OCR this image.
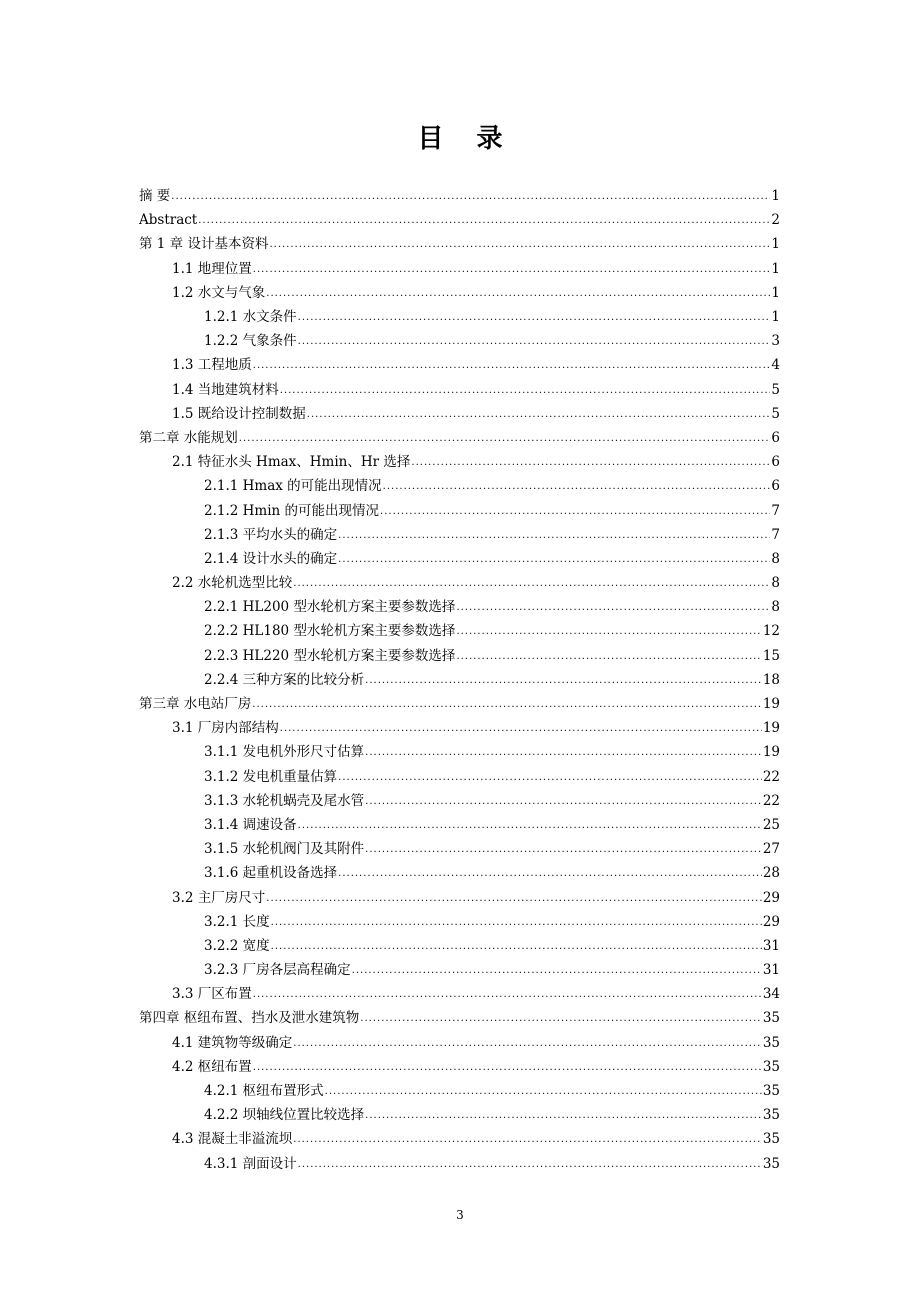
目 录
摘 要 .....	1
Abstract .....	2
第 1 章 设计基本资料 .....	1
1.1 地理位置 .....	1
1.2 水文与气象 .....	1
1.2.1 水文条件 .....	1
1.2.2 气象条件 .....	3
1.3 工程地质 .....	4
1.4 当地建筑材料 .....	5
1.5 既给设计控制数据 .....	5
第二章 水能规划 .....	6
2.1 特征水头 Hmax、Hmin、Hr 选择 .....	6
2.1.1 Hmax 的可能出现情况 .....	6
2.1.2 Hmin 的可能出现情况 .....	7
2.1.3 平均水头的确定 .....	7
2.1.4 设计水头的确定 .....	8
2.2 水轮机选型比较 .....	8
2.2.1 HL200 型水轮机方案主要参数选择 .....	8
2.2.2 HL180 型水轮机方案主要参数选择 .....	12
2.2.3 HL220 型水轮机方案主要参数选择 .....	15
2.2.4 三种方案的比较分析 .....	18
第三章 水电站厂房 .....	19
3.1 厂房内部结构 .....	19
3.1.1 发电机外形尺寸估算 .....	19
3.1.2 发电机重量估算 .....	22
3.1.3 水轮机蜗壳及尾水管 .....	22
3.1.4 调速设备 .....	25
3.1.5 水轮机阀门及其附件 .....	27
3.1.6 起重机设备选择 .....	28
3.2 主厂房尺寸 .....	29
3.2.1 长度 .....	29
3.2.2 宽度 .....	31
3.2.3 厂房各层高程确定 .....	31
3.3 厂区布置 .....	34
第四章 枢纽布置、挡水及泄水建筑物 .....	35
4.1 建筑物等级确定 .....	35
4.2 枢纽布置 .....	35
4.2.1 枢纽布置形式 .....	35
4.2.2 坝轴线位置比较选择 .....	35
4.3 混凝土非溢流坝 .....	35
4.3.1 剖面设计 .....	35
3
